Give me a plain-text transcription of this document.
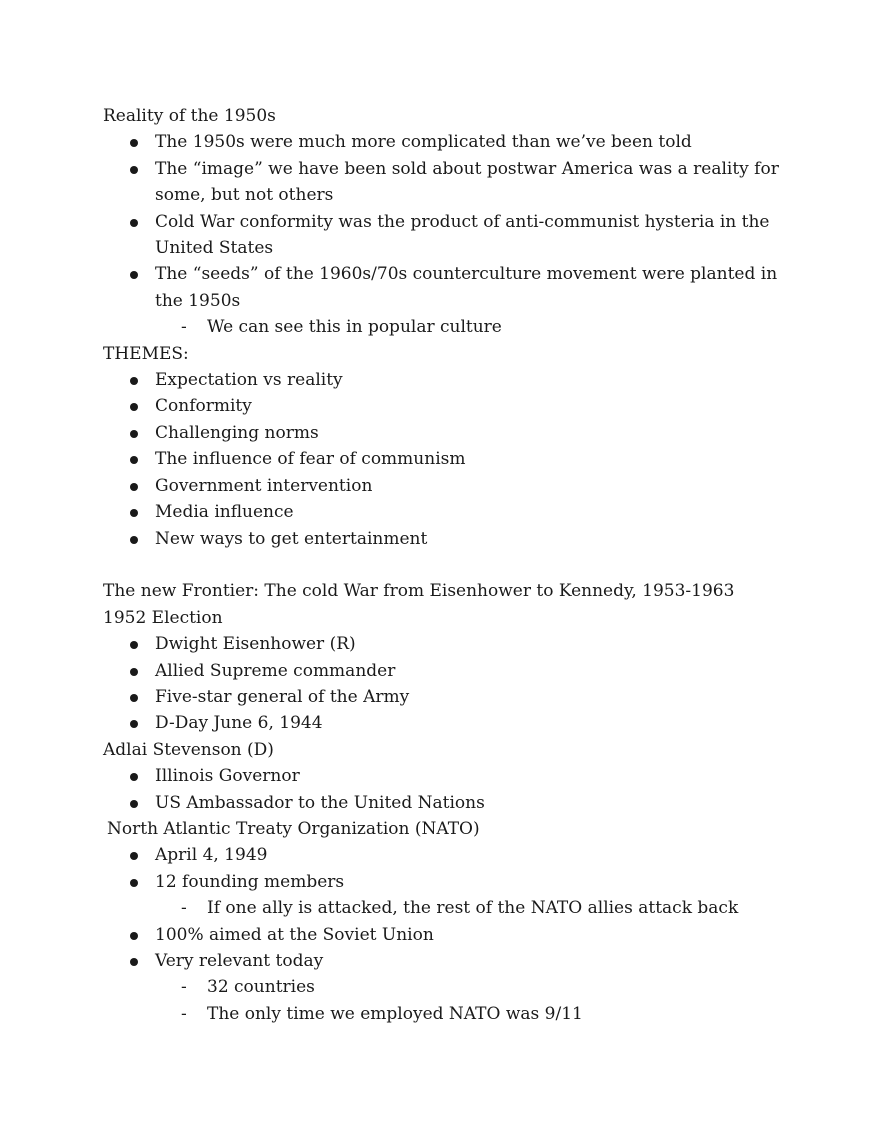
Reality of the 1950s

The 1950s were much more complicated than we’ve been told
The “image” we have been sold about postwar America was a reality for some, but not others
Cold War conformity was the product of anti-communist hysteria in the United States
The “seeds” of the 1960s/70s counterculture movement were planted in the 1950s
- We can see this in popular culture

THEMES:

Expectation vs reality
Conformity
Challenging norms
The influence of fear of communism
Government intervention
Media influence
New ways to get entertainment

The new Frontier: The cold War from Eisenhower to Kennedy, 1953-1963

1952 Election

Dwight Eisenhower (R)
Allied Supreme commander
Five-star general of the Army
D-Day June 6, 1944

Adlai Stevenson (D)

Illinois Governor
US Ambassador to the United Nations

North Atlantic Treaty Organization (NATO)

April 4, 1949
12 founding members
- If one ally is attacked, the rest of the NATO allies attack back
100% aimed at the Soviet Union
Very relevant today
- 32 countries
- The only time we employed NATO was 9/11
